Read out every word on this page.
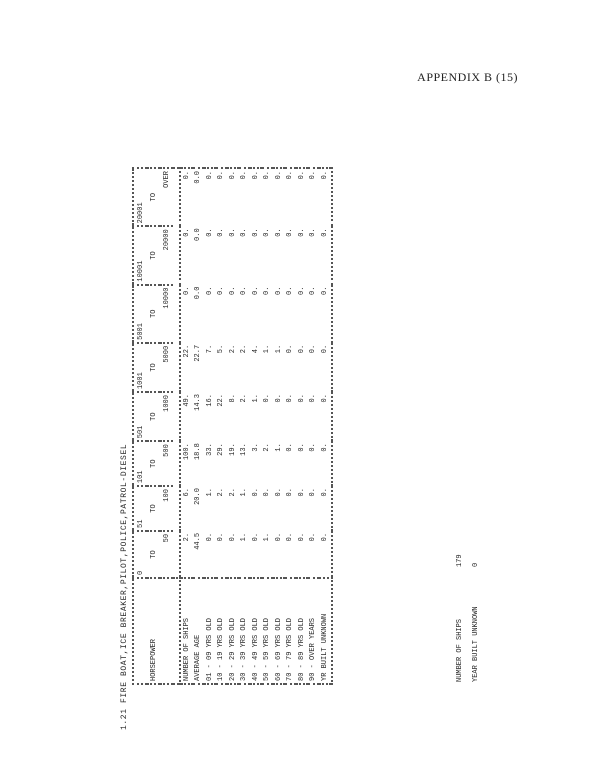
APPENDIX B (15)
1.21 FIRE BOAT,ICE BREAKER,PILOT,POLICE,PATROL-DIESEL
	0	51	101	501	1001	5001	10001	20001
HORSEPOWER	TO	TO	TO	TO	TO	TO	TO	TO
	50	100	500	1000	5000	10000	20000	OVER

NUMBER OF SHIPS	2.	6.	100.	49.	22.	0.	0.	0.
AVERAGE AGE	44.5	20.0	18.8	14.3	22.7	0.0	0.0	0.0
01 - 09 YRS OLD	0.	1.	33.	16.	7.	0.	0.	0.
10 - 19 YRS OLD	0.	2.	29.	22.	5.	0.	0.	0.
20 - 29 YRS OLD	0.	2.	19.	8.	2.	0.	0.	0.
30 - 39 YRS OLD	1.	1.	13.	2.	2.	0.	0.	0.
40 - 49 YRS OLD	0.	0.	3.	1.	4.	0.	0.	0.
50 - 59 YRS OLD	1.	0.	2.	0.	1.	0.	0.	0.
60 - 69 YRS OLD	0.	0.	1.	0.	1.	0.	0.	0.
70 - 79 YRS OLD	0.	0.	0.	0.	0.	0.	0.	0.
80 - 89 YRS OLD	0.	0.	0.	0.	0.	0.	0.	0.
90 - OVER YEARS	0.	0.	0.	0.	0.	0.	0.	0.
YR BUILT UNKNOWN	0.	0.	0.	0.	0.	0.	0.	0.
NUMBER OF SHIPS
179
YEAR BUILT UNKNOWN
0
